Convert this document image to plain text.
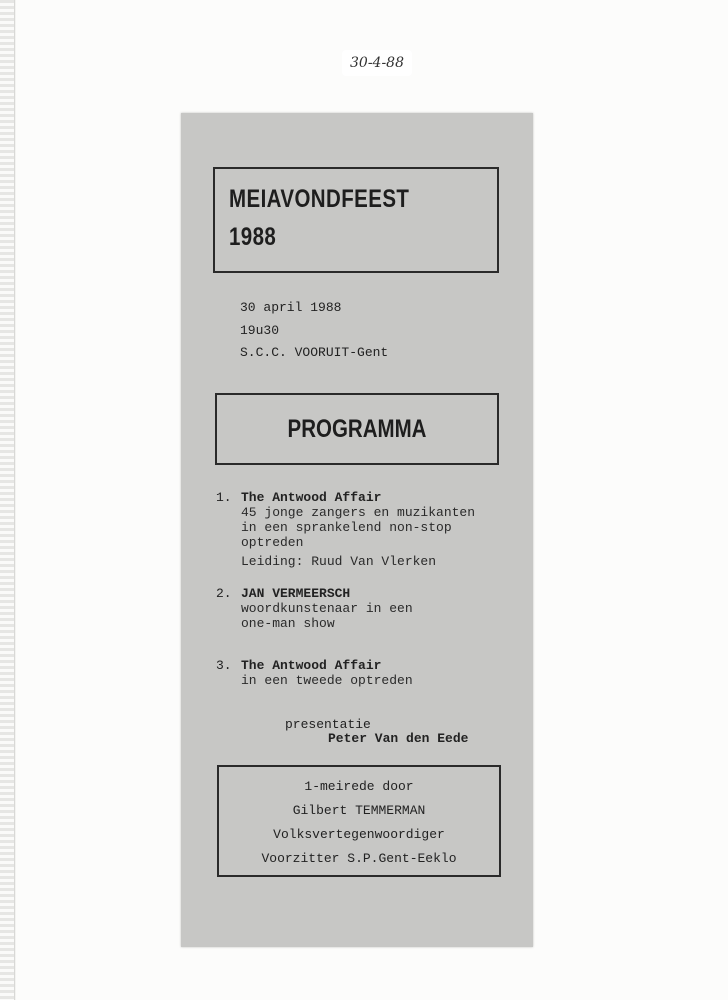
30-4-88
MEIAVONDFEEST
1988
30 april 1988
19u30
S.C.C. VOORUIT-Gent
PROGRAMMA
1. The Antwood Affair
45 jonge zangers en muzikanten
in een sprankelend non-stop
optreden
Leiding: Ruud Van Vlerken
2. JAN VERMEERSCH
woordkunstenaar in een
one-man show
3. The Antwood Affair
in een tweede optreden
presentatie
Peter Van den Eede
1-meirede door
Gilbert TEMMERMAN
Volksvertegenwoordiger
Voorzitter S.P.Gent-Eeklo
